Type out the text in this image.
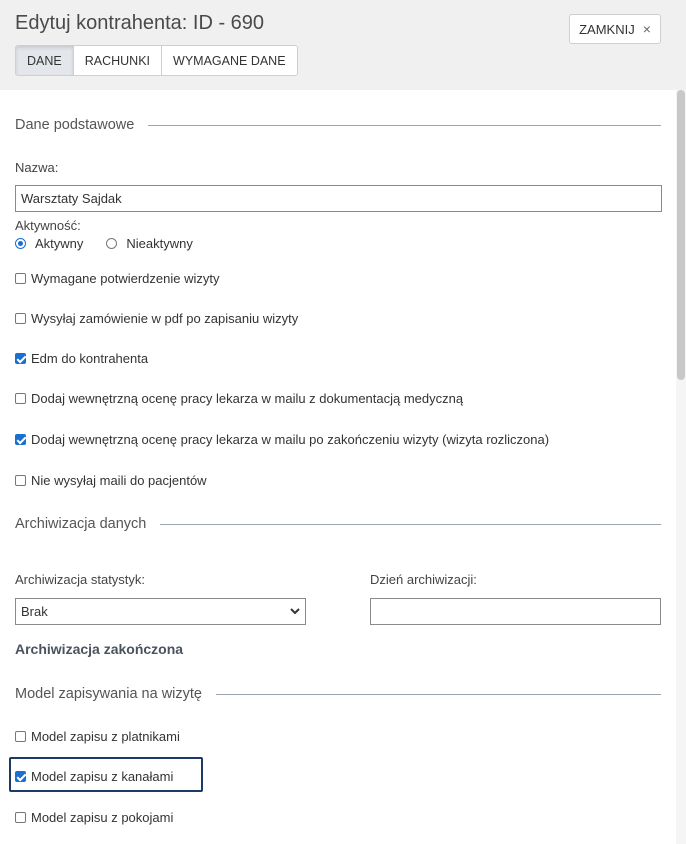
Edytuj kontrahenta: ID - 690	ZAMKNIJ ×
DANE	RACHUNKI	WYMAGANE DANE
Dane podstawowe
Nazwa:
Warsztaty Sajdak
Aktywność:
Aktywny	Nieaktywny
Wymagane potwierdzenie wizyty
Wysyłaj zamówienie w pdf po zapisaniu wizyty
Edm do kontrahenta
Dodaj wewnętrzną ocenę pracy lekarza w mailu z dokumentacją medyczną
Dodaj wewnętrzną ocenę pracy lekarza w mailu po zakończeniu wizyty (wizyta rozliczona)
Nie wysyłaj maili do pacjentów
Archiwizacja danych
Archiwizacja statystyk:
Brak
Dzień archiwizacji:
Archiwizacja zakończona
Model zapisywania na wizytę
Model zapisu z platnikami
Model zapisu z kanałami
Model zapisu z pokojami
